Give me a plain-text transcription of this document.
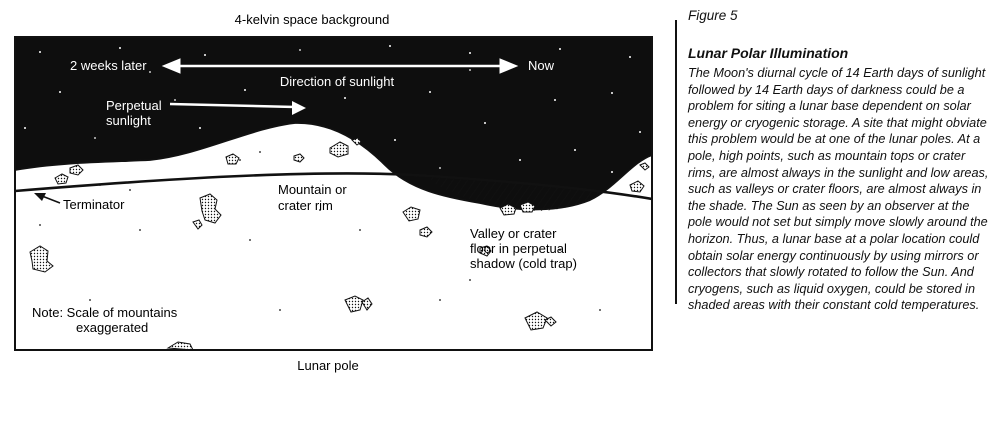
4-kelvin space background
Lunar pole
2 weeks later	Now
Direction of sunlight
Perpetual
sunlight
Mountain or
crater rim
Terminator
Valley or crater
floor in perpetual
shadow (cold trap)
Note: Scale of mountains
exaggerated

Figure 5

Lunar Polar Illumination

The Moon's diurnal cycle of 14 Earth days of sunlight followed by 14 Earth days of darkness could be a problem for siting a lunar base dependent on solar energy or cryogenic storage. A site that might obviate this problem would be at one of the lunar poles. At a pole, high points, such as mountain tops or crater rims, are almost always in the sunlight and low areas, such as valleys or crater floors, are almost always in the shade. The Sun as seen by an observer at the pole would not set but simply move slowly around the horizon. Thus, a lunar base at a polar location could obtain solar energy continuously by using mirrors or collectors that slowly rotated to follow the Sun. And cryogens, such as liquid oxygen, could be stored in shaded areas with their constant cold temperatures.
